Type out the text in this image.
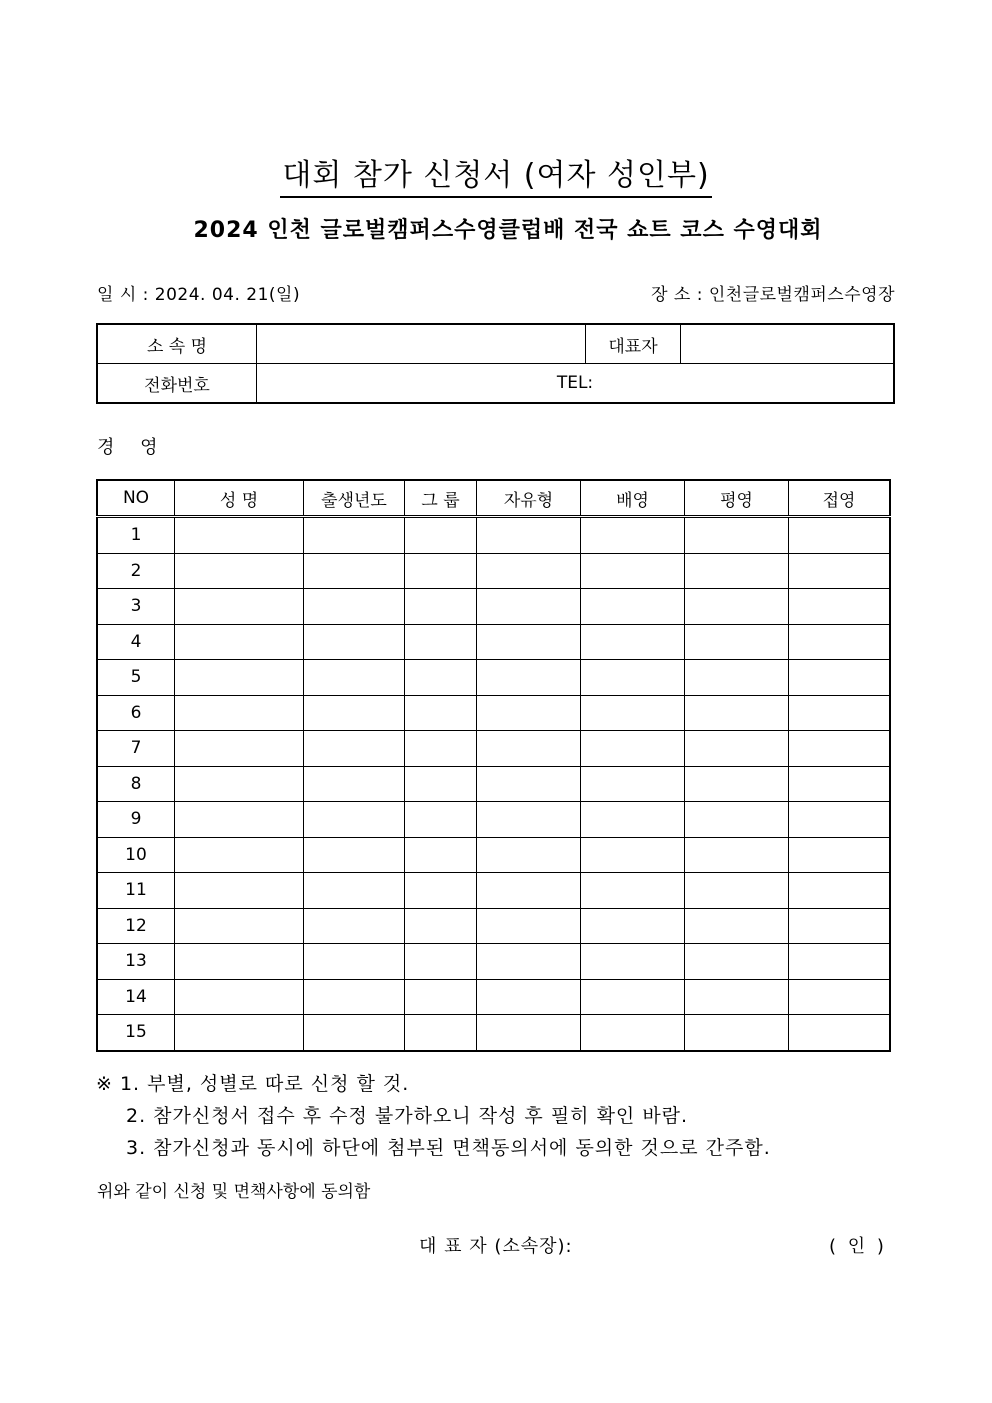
대회 참가 신청서 (여자 성인부)
2024 인천 글로벌캠퍼스수영클럽배 전국 쇼트 코스 수영대회
일 시 : 2024. 04. 21(일)	장 소 : 인천글로벌캠퍼스수영장
소 속 명		대표자	
전화번호	TEL:		
경 영
NO	성 명	출생년도	그 룹	자유형	배영	평영	접영
1							
2							
3							
4							
5							
6							
7							
8							
9							
10							
11							
12							
13							
14							
15							
※ 1. 부별, 성별로 따로 신청 할 것.
2. 참가신청서 접수 후 수정 불가하오니 작성 후 필히 확인 바람.
3. 참가신청과 동시에 하단에 첨부된 면책동의서에 동의한 것으로 간주함.
위와 같이 신청 및 면책사항에 동의함
대 표 자 (소속장):	( 인 )
